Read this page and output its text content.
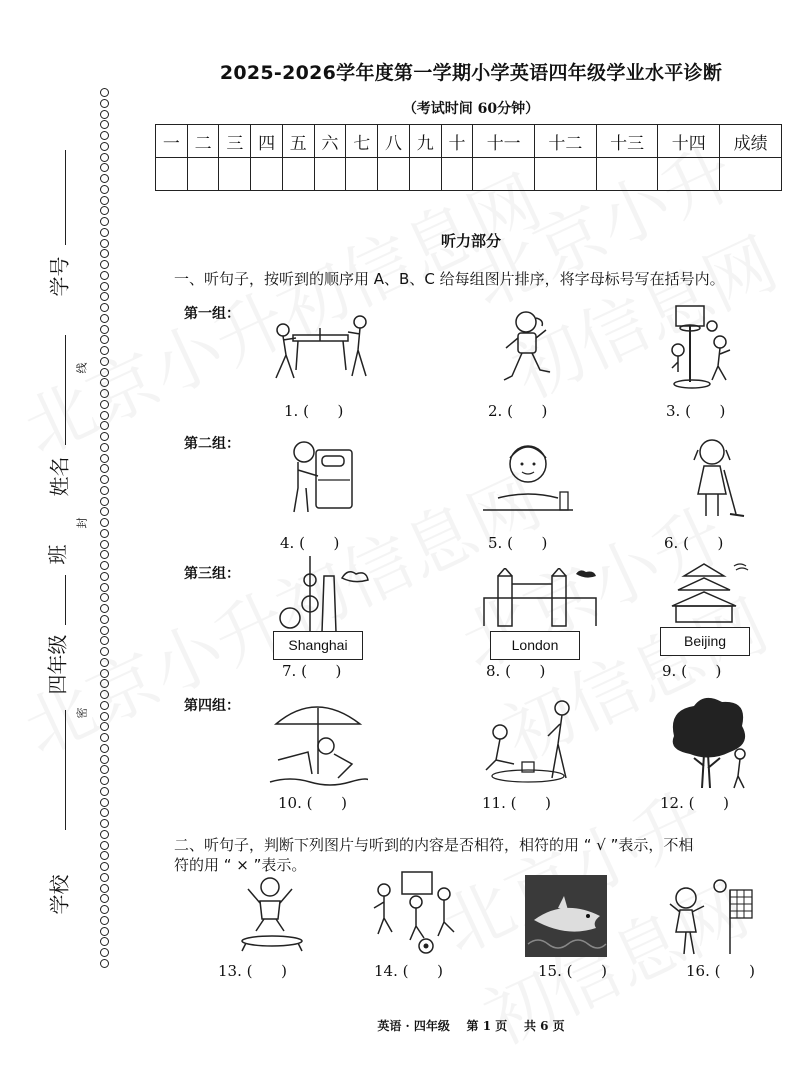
学号
姓名
班
四年级
学校
线
封
密
2025-2026学年度第一学期小学英语四年级学业水平诊断
（考试时间 60分钟）
一	二	三	四	五	六	七	八	九	十	十一	十二	十三	十四	成绩

听力部分
一、听句子，按听到的顺序用 A、B、C 给每组图片排序，将字母标号写在括号内。
第一组：
1. (      )	2. (      )	3. (      )
第二组：
4. (      )	5. (      )	6. (      )
第三组：
Shanghai	London	Beijing
7. (      )	8. (      )	9. (      )
第四组：
10. (      )	11. (      )	12. (      )
二、听句子，判断下列图片与听到的内容是否相符，相符的用 “ √ ”表示，不相
符的用 “ × ”表示。
13. (      )	14. (      )	15. (      )	16. (      )
英语 · 四年级    第 1 页    共 6 页
